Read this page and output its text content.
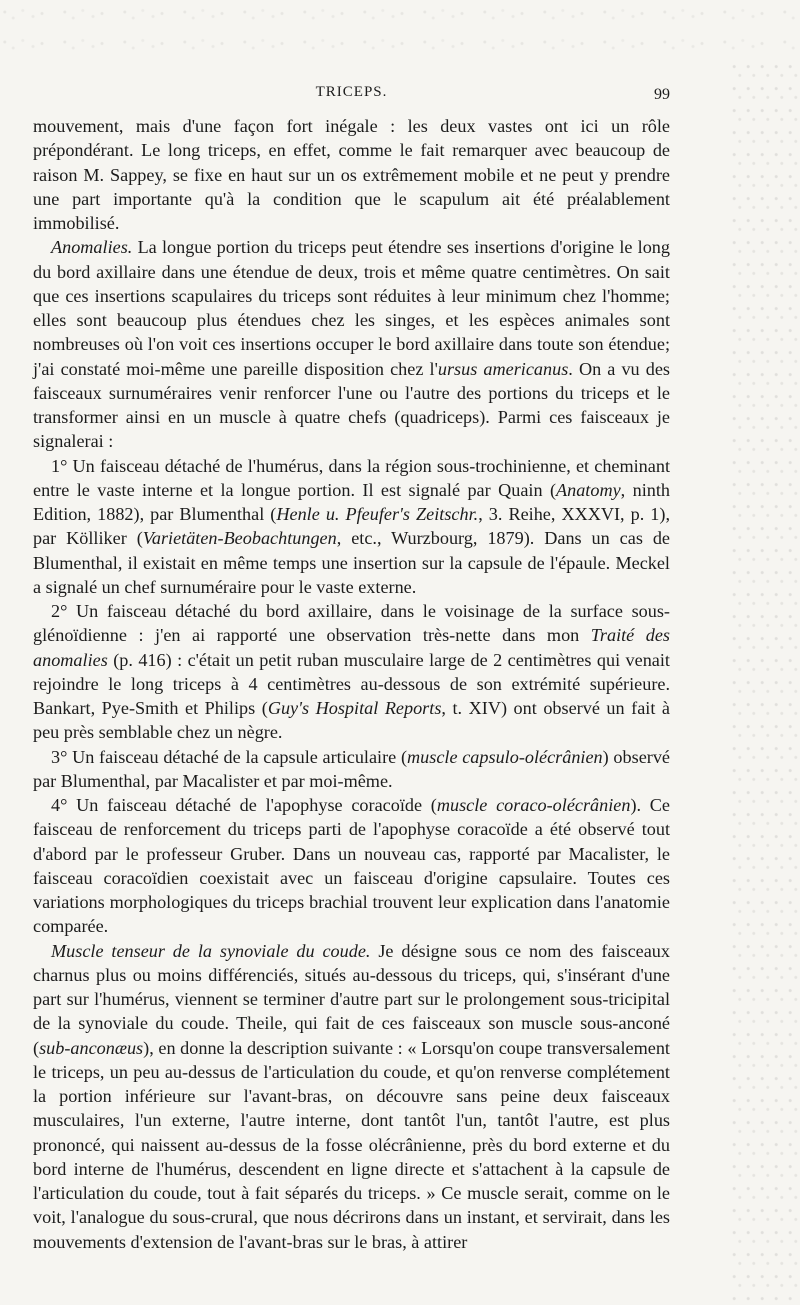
TRICEPS.	99

mouvement, mais d'une façon fort inégale : les deux vastes ont ici un rôle prépondérant. Le long triceps, en effet, comme le fait remarquer avec beaucoup de raison M. Sappey, se fixe en haut sur un os extrêmement mobile et ne peut y prendre une part importante qu'à la condition que le scapulum ait été préalablement immobilisé.

Anomalies. La longue portion du triceps peut étendre ses insertions d'origine le long du bord axillaire dans une étendue de deux, trois et même quatre centimètres. On sait que ces insertions scapulaires du triceps sont réduites à leur minimum chez l'homme; elles sont beaucoup plus étendues chez les singes, et les espèces animales sont nombreuses où l'on voit ces insertions occuper le bord axillaire dans toute son étendue; j'ai constaté moi-même une pareille disposition chez l'ursus americanus. On a vu des faisceaux surnuméraires venir renforcer l'une ou l'autre des portions du triceps et le transformer ainsi en un muscle à quatre chefs (quadriceps). Parmi ces faisceaux je signalerai :

1° Un faisceau détaché de l'humérus, dans la région sous-trochinienne, et cheminant entre le vaste interne et la longue portion. Il est signalé par Quain (Anatomy, ninth Edition, 1882), par Blumenthal (Henle u. Pfeufer's Zeitschr., 3. Reihe, XXXVI, p. 1), par Kölliker (Varietäten-Beobachtungen, etc., Wurzbourg, 1879). Dans un cas de Blumenthal, il existait en même temps une insertion sur la capsule de l'épaule. Meckel a signalé un chef surnuméraire pour le vaste externe.

2° Un faisceau détaché du bord axillaire, dans le voisinage de la surface sous-glénoïdienne : j'en ai rapporté une observation très-nette dans mon Traité des anomalies (p. 416) : c'était un petit ruban musculaire large de 2 centimètres qui venait rejoindre le long triceps à 4 centimètres au-dessous de son extrémité supérieure. Bankart, Pye-Smith et Philips (Guy's Hospital Reports, t. XIV) ont observé un fait à peu près semblable chez un nègre.

3° Un faisceau détaché de la capsule articulaire (muscle capsulo-olécrânien) observé par Blumenthal, par Macalister et par moi-même.

4° Un faisceau détaché de l'apophyse coracoïde (muscle coraco-olécrânien). Ce faisceau de renforcement du triceps parti de l'apophyse coracoïde a été observé tout d'abord par le professeur Gruber. Dans un nouveau cas, rapporté par Macalister, le faisceau coracoïdien coexistait avec un faisceau d'origine capsulaire. Toutes ces variations morphologiques du triceps brachial trouvent leur explication dans l'anatomie comparée.

Muscle tenseur de la synoviale du coude. Je désigne sous ce nom des faisceaux charnus plus ou moins différenciés, situés au-dessous du triceps, qui, s'insérant d'une part sur l'humérus, viennent se terminer d'autre part sur le prolongement sous-tricipital de la synoviale du coude. Theile, qui fait de ces faisceaux son muscle sous-anconé (sub-anconæus), en donne la description suivante : « Lorsqu'on coupe transversalement le triceps, un peu au-dessus de l'articulation du coude, et qu'on renverse complétement la portion inférieure sur l'avant-bras, on découvre sans peine deux faisceaux musculaires, l'un externe, l'autre interne, dont tantôt l'un, tantôt l'autre, est plus prononcé, qui naissent au-dessus de la fosse olécrânienne, près du bord externe et du bord interne de l'humérus, descendent en ligne directe et s'attachent à la capsule de l'articulation du coude, tout à fait séparés du triceps. » Ce muscle serait, comme on le voit, l'analogue du sous-crural, que nous décrirons dans un instant, et servirait, dans les mouvements d'extension de l'avant-bras sur le bras, à attirer
